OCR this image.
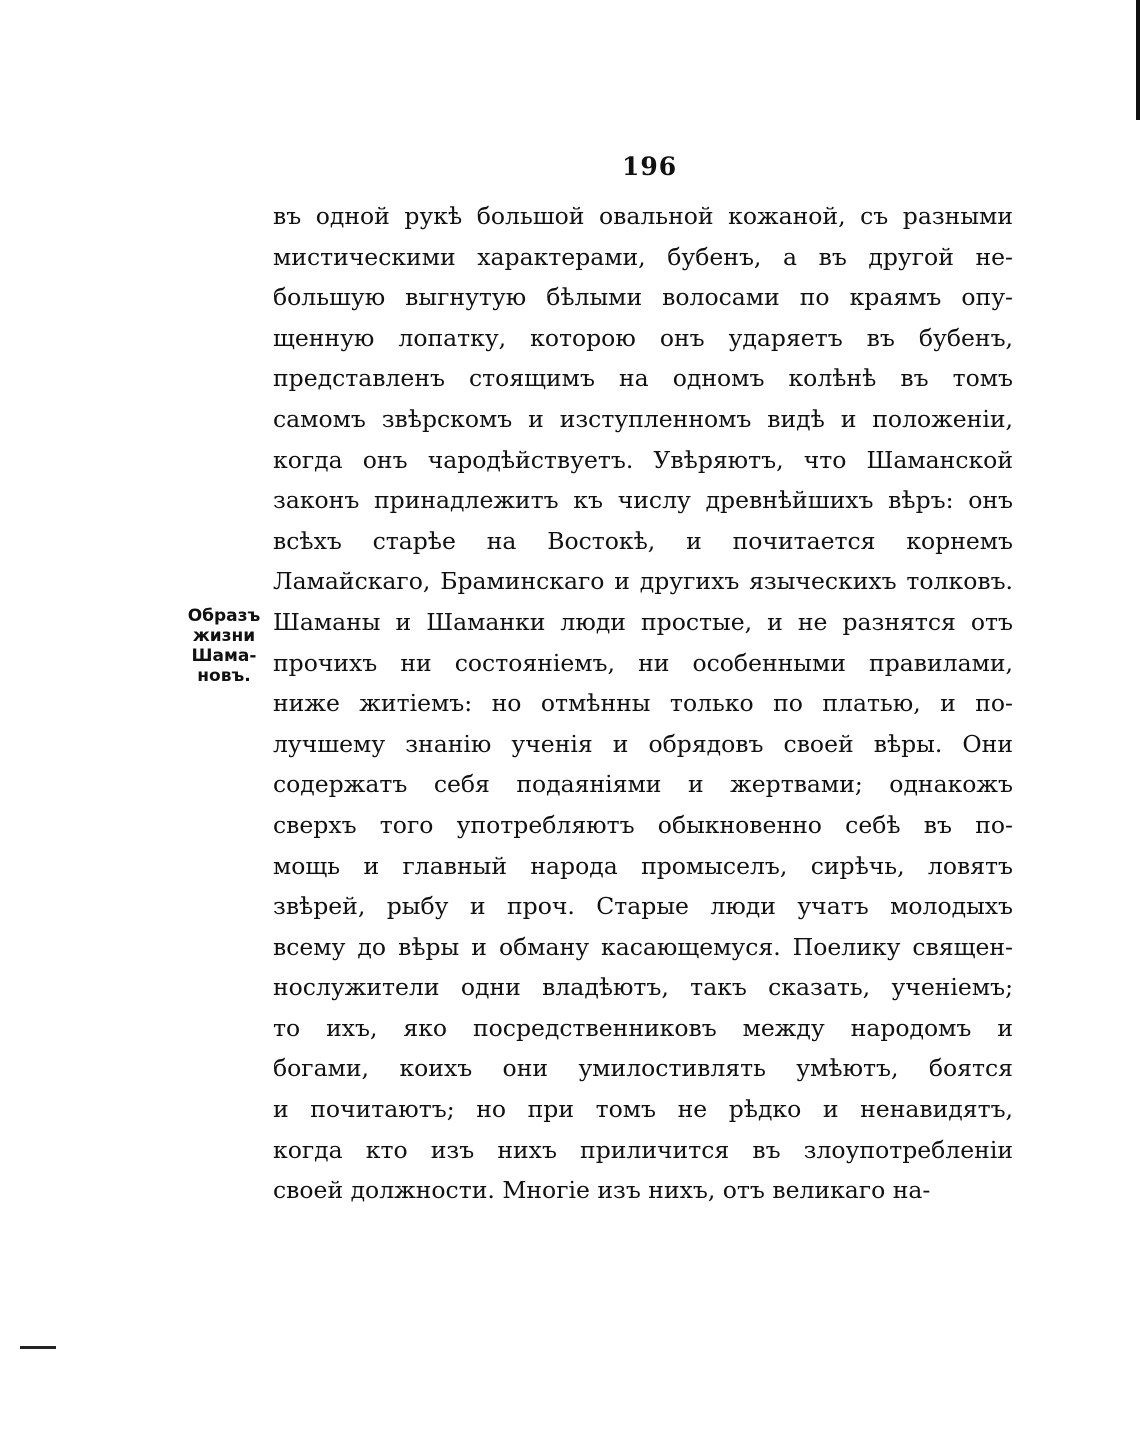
196
Образъ
жизни
Шама-
новъ.
въ одной рукѣ большой овальной кожаной, съ разными
мистическими характерами, бубенъ, а въ другой не-
большую выгнутую бѣлыми волосами по краямъ опу-
щенную лопатку, которою онъ ударяетъ въ бубенъ,
представленъ стоящимъ на одномъ колѣнѣ въ томъ
самомъ звѣрскомъ и изступленномъ видѣ и положеніи,
когда онъ чародѣйствуетъ. Увѣряютъ, что Шаманской
законъ принадлежитъ къ числу древнѣйшихъ вѣръ: онъ
всѣхъ старѣе на Востокѣ, и почитается корнемъ
Ламайскаго, Браминскаго и другихъ языческихъ толковъ.
Шаманы и Шаманки люди простые, и не разнятся отъ
прочихъ ни состояніемъ, ни особенными правилами,
ниже житіемъ: но отмѣнны только по платью, и по-
лучшему знанію ученія и обрядовъ своей вѣры. Они
содержатъ себя подаяніями и жертвами; однакожъ
сверхъ того употребляютъ обыкновенно себѣ въ по-
мощь и главный народа промыселъ, сирѣчь, ловятъ
звѣрей, рыбу и проч. Старые люди учатъ молодыхъ
всему до вѣры и обману касающемуся. Поелику священ-
нослужители одни владѣютъ, такъ сказать, ученіемъ;
то ихъ, яко посредственниковъ между народомъ и
богами, коихъ они умилостивлять умѣютъ, боятся
и почитаютъ; но при томъ не рѣдко и ненавидятъ,
когда кто изъ нихъ приличится въ злоупотребленіи
своей должности. Многіе изъ нихъ, отъ великаго на-
